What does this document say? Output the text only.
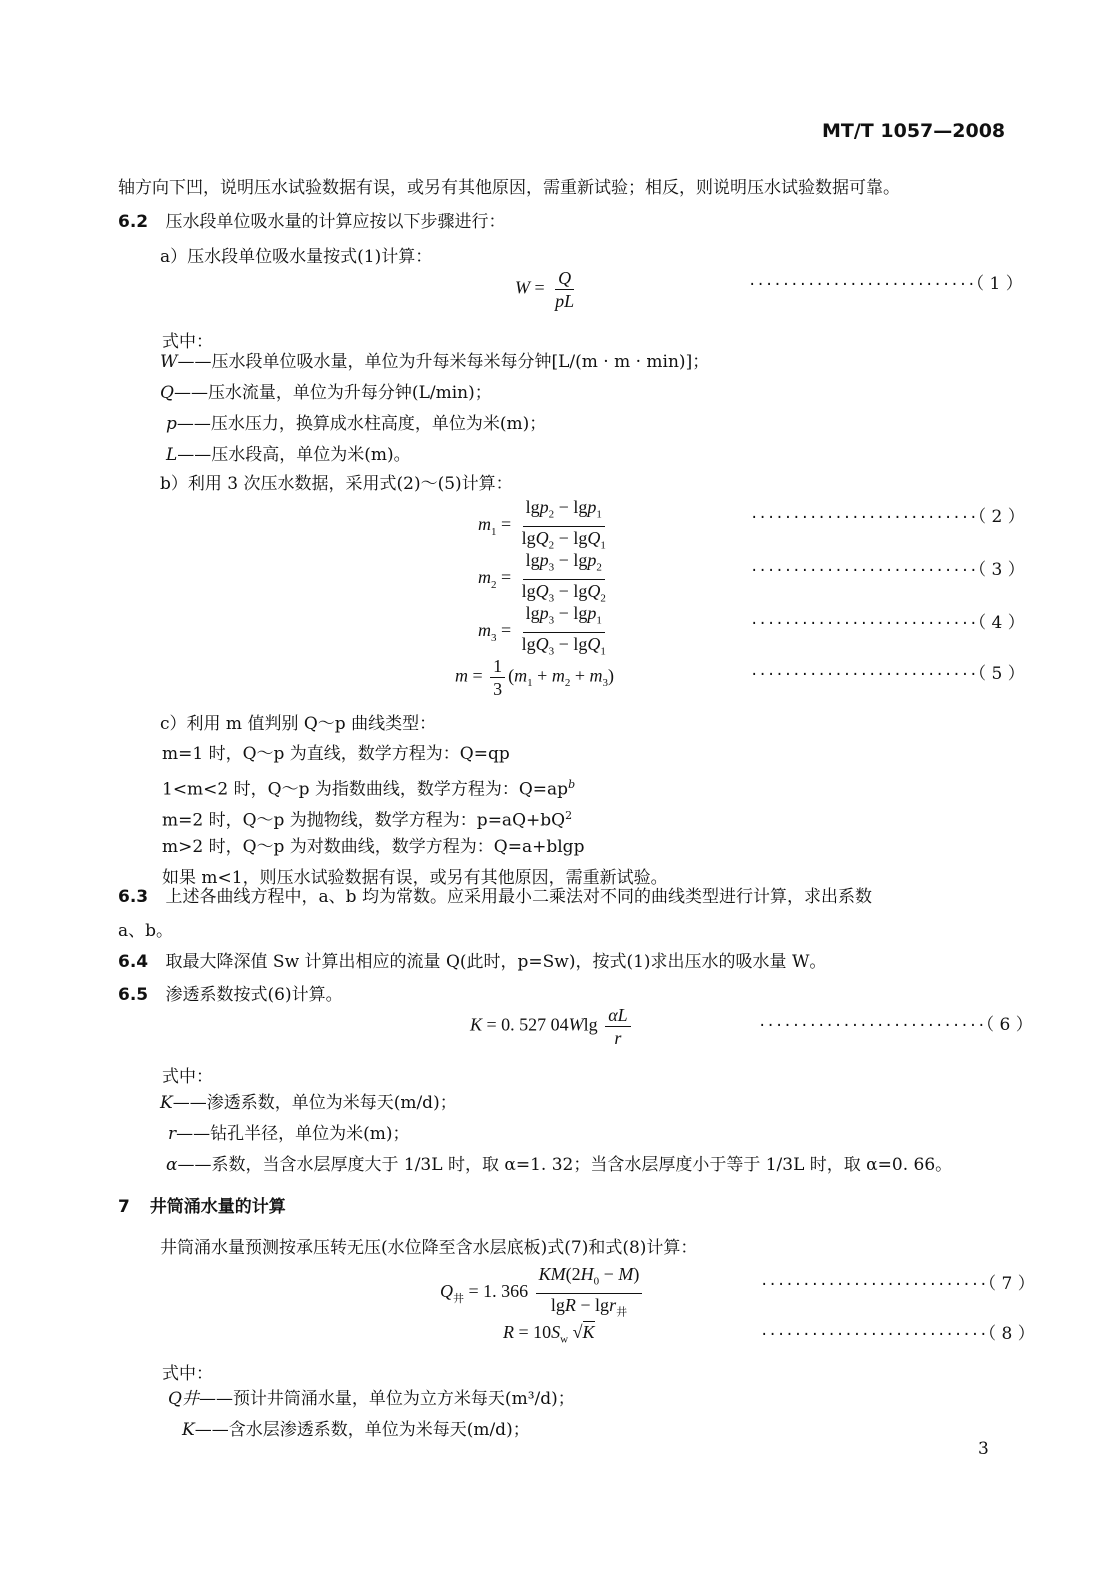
MT/T 1057—2008
轴方向下凹，说明压水试验数据有误，或另有其他原因，需重新试验；相反，则说明压水试验数据可靠。
6.2 压水段单位吸水量的计算应按以下步骤进行：
a）压水段单位吸水量按式(1)计算：
$W = \frac{Q}{pL}$	···························（ 1 ）
式中：
W——压水段单位吸水量，单位为升每米每米每分钟[L/(m · m · min)]；
Q——压水流量，单位为升每分钟(L/min)；
p——压水压力，换算成水柱高度，单位为米(m)；
L——压水段高，单位为米(m)。
b）利用 3 次压水数据，采用式(2)～(5)计算：
$m_1 = \frac{\lg p_2 - \lg p_1}{\lg Q_2 - \lg Q_1}$	···························（ 2 ）
$m_2 = \frac{\lg p_3 - \lg p_2}{\lg Q_3 - \lg Q_2}$	···························（ 3 ）
$m_3 = \frac{\lg p_3 - \lg p_1}{\lg Q_3 - \lg Q_1}$	···························（ 4 ）
$m = \frac{1}{3} (m_1 + m_2 + m_3)$	···························（ 5 ）
c）利用 m 值判别 Q～p 曲线类型：
m=1 时，Q～p 为直线，数学方程为：Q=qp
1<m<2 时，Q～p 为指数曲线，数学方程为：$Q=ap^b$
m=2 时，Q～p 为抛物线，数学方程为：$p=aQ+bQ^2$
m>2 时，Q～p 为对数曲线，数学方程为：Q=a+blgp
如果 m<1，则压水试验数据有误，或另有其他原因，需重新试验。
6.3 上述各曲线方程中，a、b 均为常数。应采用最小二乘法对不同的曲线类型进行计算，求出系数
a、b。
6.4 取最大降深值 Sw 计算出相应的流量 Q(此时，p=Sw)，按式(1)求出压水的吸水量 W。
6.5 渗透系数按式(6)计算。
K = 0. 527 $04Wlg \frac{\alpha L}{r}$	···························（ 6 ）
式中：
K——渗透系数，单位为米每天(m/d)；
r——钻孔半径，单位为米(m)；
α——系数，当含水层厚度大于 1/3L 时，取 α=1. 32；当含水层厚度小于等于 1/3L 时，取 α=0. 66。
7 井筒涌水量的计算
井筒涌水量预测按承压转无压(水位降至含水层底板)式(7)和式(8)计算：
$Q_井 = 1$. $366 \frac{KM(2H_0 - M)}{\lg R - \lg r_井}$	···························（ 7 ）
$R = 10S_w$ √K	···························（ 8 ）
式中：
Q井——预计井筒涌水量，单位为立方米每天(m³/d)；
K——含水层渗透系数，单位为米每天(m/d)；
3
